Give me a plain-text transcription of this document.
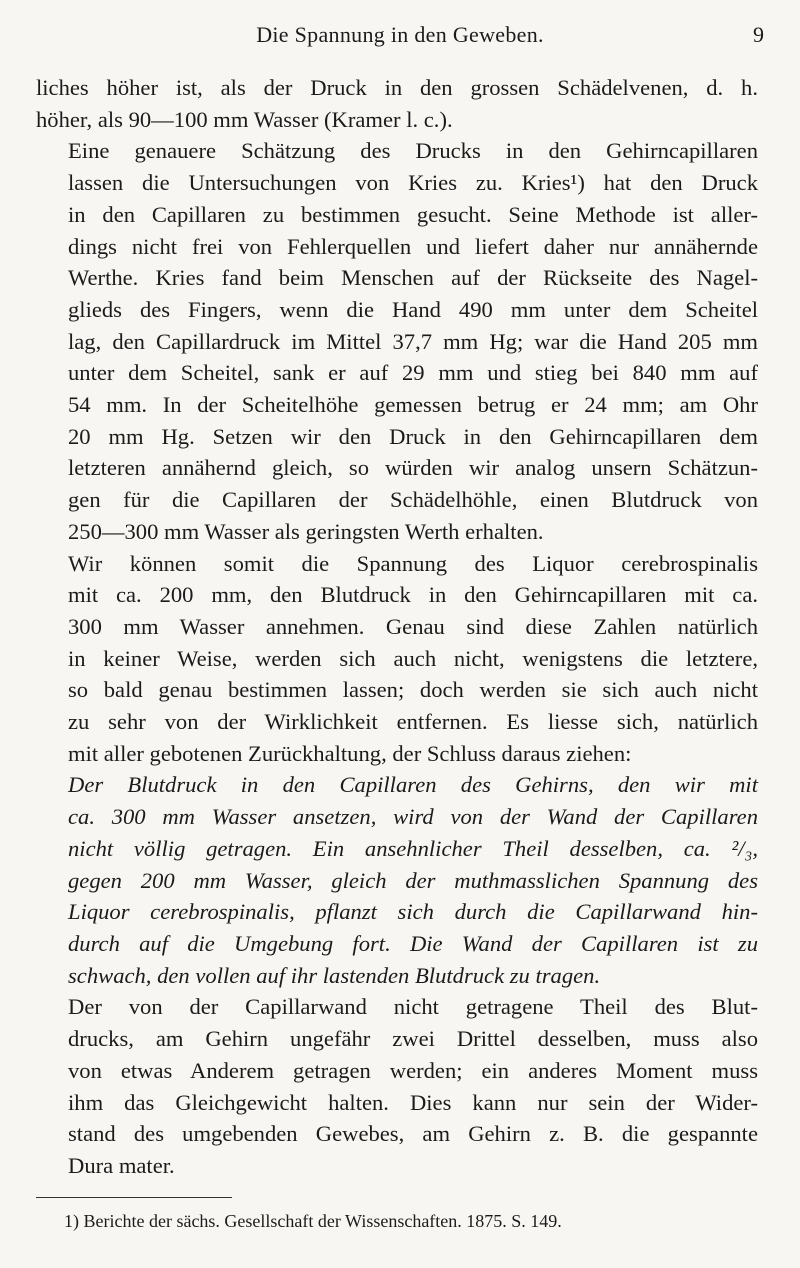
Die Spannung in den Geweben.	9

liches höher ist, als der Druck in den grossen Schädelvenen, d. h.
höher, als 90—100 mm Wasser (Kramer l. c.).

Eine genauere Schätzung des Drucks in den Gehirncapillaren
lassen die Untersuchungen von Kries zu. Kries¹) hat den Druck
in den Capillaren zu bestimmen gesucht. Seine Methode ist aller-
dings nicht frei von Fehlerquellen und liefert daher nur annähernde
Werthe. Kries fand beim Menschen auf der Rückseite des Nagel-
glieds des Fingers, wenn die Hand 490 mm unter dem Scheitel
lag, den Capillardruck im Mittel 37,7 mm Hg; war die Hand 205 mm
unter dem Scheitel, sank er auf 29 mm und stieg bei 840 mm auf
54 mm. In der Scheitelhöhe gemessen betrug er 24 mm; am Ohr
20 mm Hg. Setzen wir den Druck in den Gehirncapillaren dem
letzteren annähernd gleich, so würden wir analog unsern Schätzun-
gen für die Capillaren der Schädelhöhle, einen Blutdruck von
250—300 mm Wasser als geringsten Werth erhalten.

Wir können somit die Spannung des Liquor cerebrospinalis
mit ca. 200 mm, den Blutdruck in den Gehirncapillaren mit ca.
300 mm Wasser annehmen. Genau sind diese Zahlen natürlich
in keiner Weise, werden sich auch nicht, wenigstens die letztere,
so bald genau bestimmen lassen; doch werden sie sich auch nicht
zu sehr von der Wirklichkeit entfernen. Es liesse sich, natürlich
mit aller gebotenen Zurückhaltung, der Schluss daraus ziehen:

Der Blutdruck in den Capillaren des Gehirns, den wir mit
ca. 300 mm Wasser ansetzen, wird von der Wand der Capillaren
nicht völlig getragen. Ein ansehnlicher Theil desselben, ca. ²/₃,
gegen 200 mm Wasser, gleich der muthmasslichen Spannung des
Liquor cerebrospinalis, pflanzt sich durch die Capillarwand hin-
durch auf die Umgebung fort. Die Wand der Capillaren ist zu
schwach, den vollen auf ihr lastenden Blutdruck zu tragen.

Der von der Capillarwand nicht getragene Theil des Blut-
drucks, am Gehirn ungefähr zwei Drittel desselben, muss also
von etwas Anderem getragen werden; ein anderes Moment muss
ihm das Gleichgewicht halten. Dies kann nur sein der Wider-
stand des umgebenden Gewebes, am Gehirn z. B. die gespannte
Dura mater.

1) Berichte der sächs. Gesellschaft der Wissenschaften. 1875. S. 149.
